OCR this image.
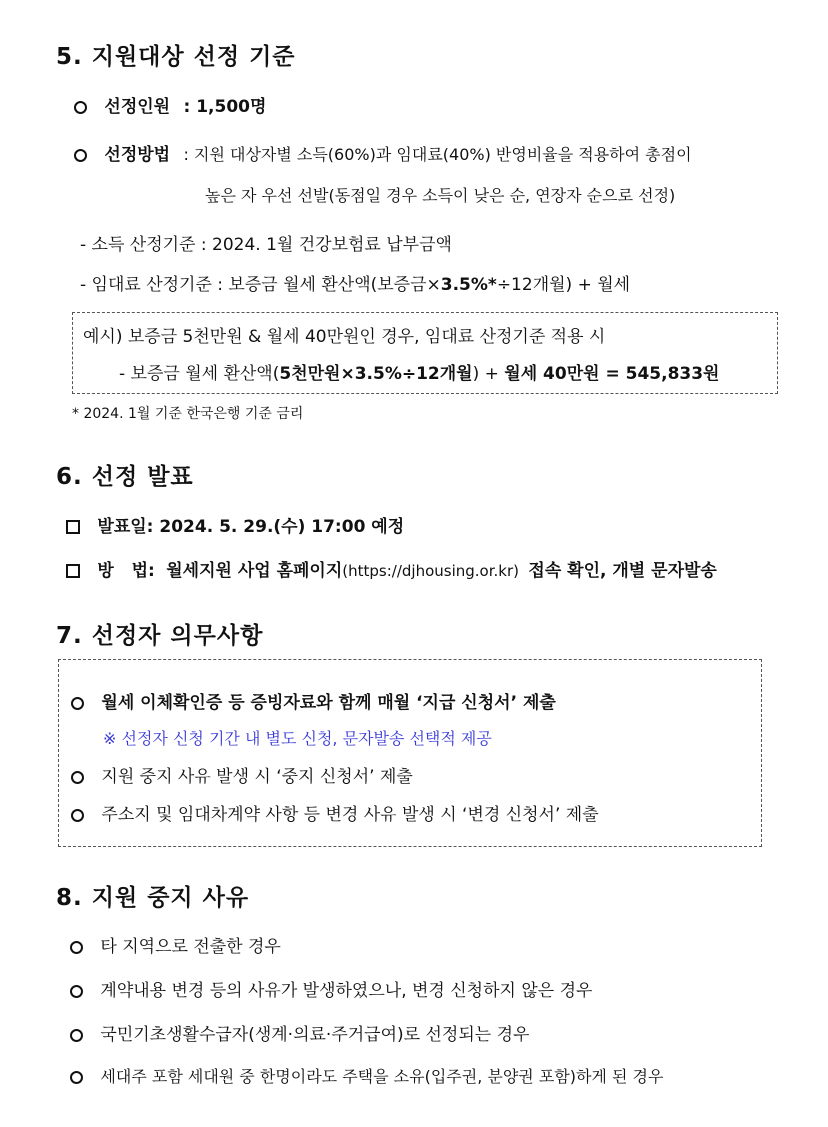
5. 지원대상 선정 기준
선정인원 : 1,500명
선정방법 : 지원 대상자별 소득(60%)과 임대료(40%) 반영비율을 적용하여 총점이
높은 자 우선 선발(동점일 경우 소득이 낮은 순, 연장자 순으로 선정)
- 소득 산정기준 : 2024. 1월 건강보험료 납부금액
- 임대료 산정기준 : 보증금 월세 환산액(보증금×3.5%*÷12개월) + 월세
예시) 보증금 5천만원 & 월세 40만원인 경우, 임대료 산정기준 적용 시
- 보증금 월세 환산액(5천만원×3.5%÷12개월) + 월세 40만원 = 545,833원
* 2024. 1월 기준 한국은행 기준 금리
6. 선정 발표
발표일: 2024. 5. 29.(수) 17:00 예정
방   법: 월세지원 사업 홈페이지(https://djhousing.or.kr) 접속 확인, 개별 문자발송
7. 선정자 의무사항
월세 이체확인증 등 증빙자료와 함께 매월 ‘지급 신청서’ 제출
※ 선정자 신청 기간 내 별도 신청, 문자발송 선택적 제공
지원 중지 사유 발생 시 ‘중지 신청서’ 제출
주소지 및 임대차계약 사항 등 변경 사유 발생 시 ‘변경 신청서’ 제출
8. 지원 중지 사유
타 지역으로 전출한 경우
계약내용 변경 등의 사유가 발생하였으나, 변경 신청하지 않은 경우
국민기초생활수급자(생계·의료·주거급여)로 선정되는 경우
세대주 포함 세대원 중 한명이라도 주택을 소유(입주권, 분양권 포함)하게 된 경우
